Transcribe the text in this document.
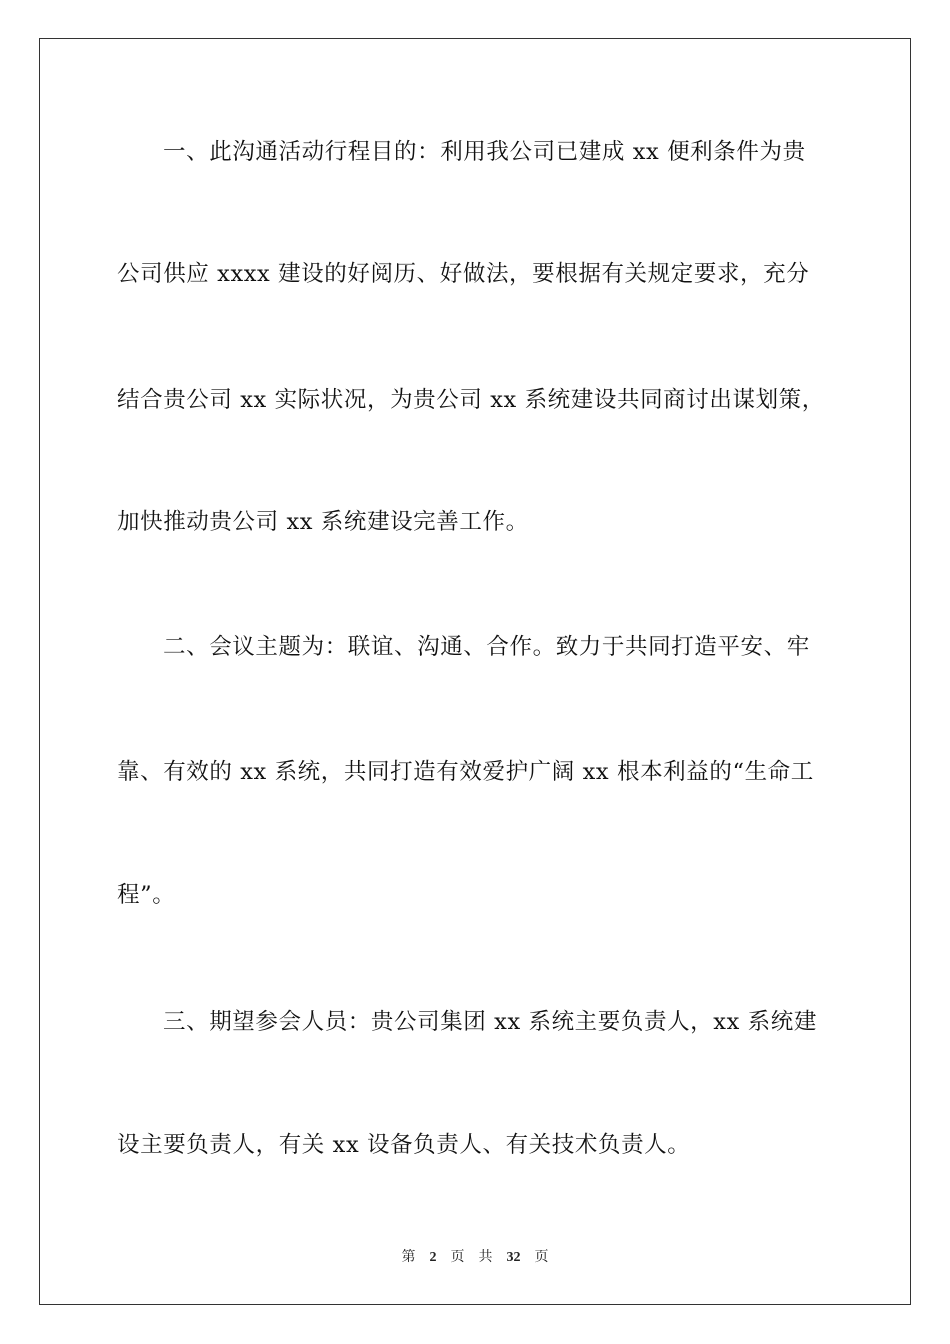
一、此沟通活动行程目的：利用我公司已建成 xx 便利条件为贵
公司供应 xxxx 建设的好阅历、好做法，要根据有关规定要求，充分
结合贵公司 xx 实际状况，为贵公司 xx 系统建设共同商讨出谋划策，
加快推动贵公司 xx 系统建设完善工作。
二、会议主题为：联谊、沟通、合作。致力于共同打造平安、牢
靠、有效的 xx 系统，共同打造有效爱护广阔 xx 根本利益的“生命工
程”。
三、期望参会人员：贵公司集团 xx 系统主要负责人，xx 系统建
设主要负责人，有关 xx 设备负责人、有关技术负责人。
第 2 页 共 32 页
